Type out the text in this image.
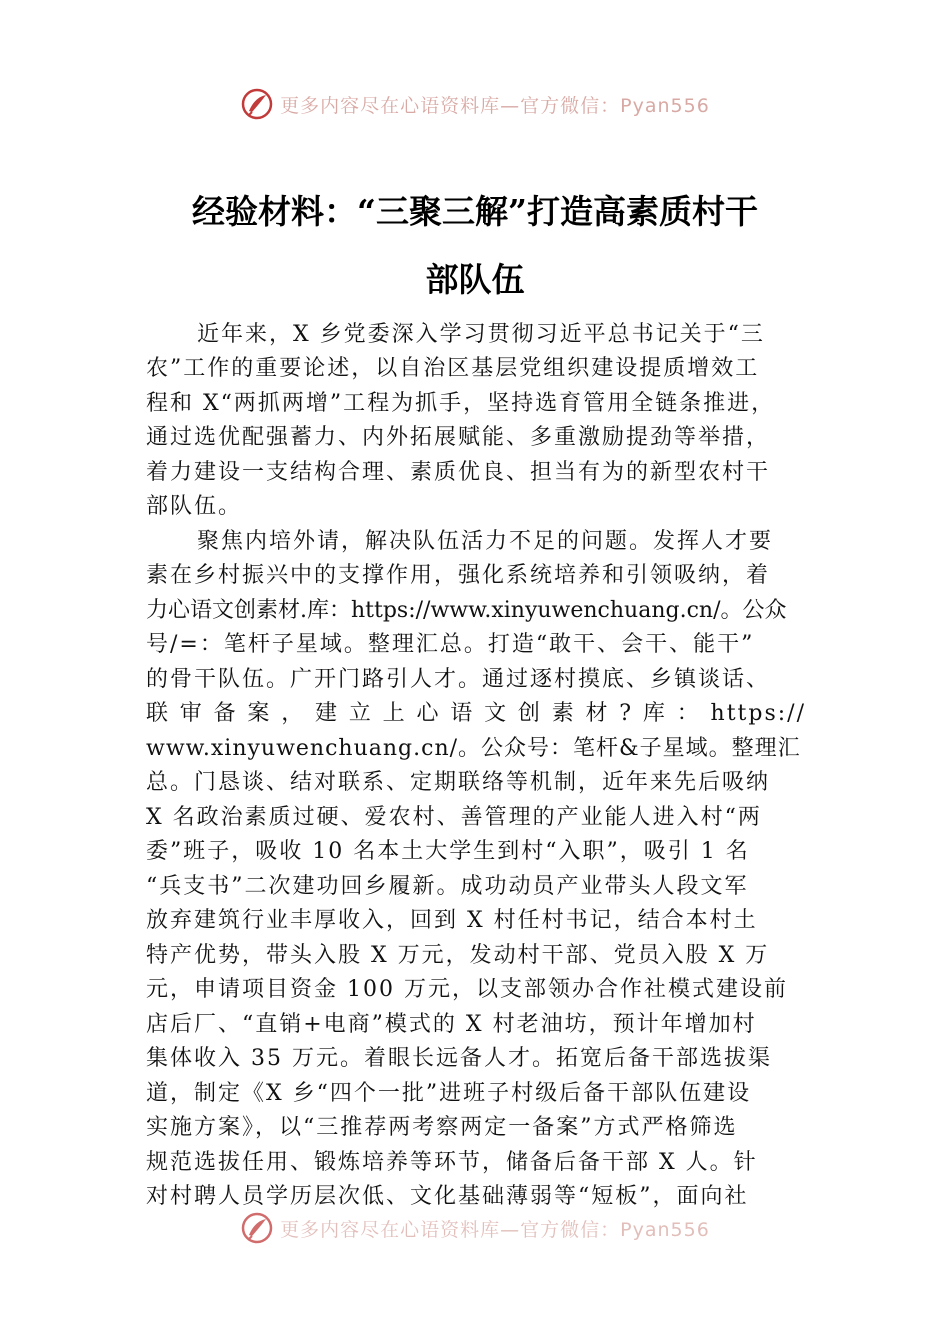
更多内容尽在心语资料库—官方微信：Pyan556
经验材料：“三聚三解”打造高素质村干
部队伍

近年来，X 乡党委深入学习贯彻习近平总书记关于“三

农”工作的重要论述，以自治区基层党组织建设提质增效工

程和 X“两抓两增”工程为抓手，坚持选育管用全链条推进，

通过选优配强蓄力、内外拓展赋能、多重激励提劲等举措，

着力建设一支结构合理、素质优良、担当有为的新型农村干

部队伍。

聚焦内培外请，解决队伍活力不足的问题。发挥人才要

素在乡村振兴中的支撑作用，强化系统培养和引领吸纳，着

力心语文创素材.库：https://www.xinyuwenchuang.cn/。公众

号/=：笔杆子星域。整理汇总。打造“敢干、会干、能干”

的骨干队伍。广开门路引人才。通过逐村摸底、乡镇谈话、

联审备案，建立上心语文创素材?库：https://

www.xinyuwenchuang.cn/。公众号：笔杆&子星域。整理汇

总。门恳谈、结对联系、定期联络等机制，近年来先后吸纳

X 名政治素质过硬、爱农村、善管理的产业能人进入村“两

委”班子，吸收 10 名本土大学生到村“入职”，吸引 1 名

“兵支书”二次建功回乡履新。成功动员产业带头人段文军

放弃建筑行业丰厚收入，回到 X 村任村书记，结合本村土

特产优势，带头入股 X 万元，发动村干部、党员入股 X 万

元，申请项目资金 100 万元，以支部领办合作社模式建设前

店后厂、“直销+电商”模式的 X 村老油坊，预计年增加村

集体收入 35 万元。着眼长远备人才。拓宽后备干部选拔渠

道，制定《X 乡“四个一批”进班子村级后备干部队伍建设

实施方案》，以“三推荐两考察两定一备案”方式严格筛选

规范选拔任用、锻炼培养等环节，储备后备干部 X 人。针

对村聘人员学历层次低、文化基础薄弱等“短板”，面向社

更多内容尽在心语资料库—官方微信：Pyan556
